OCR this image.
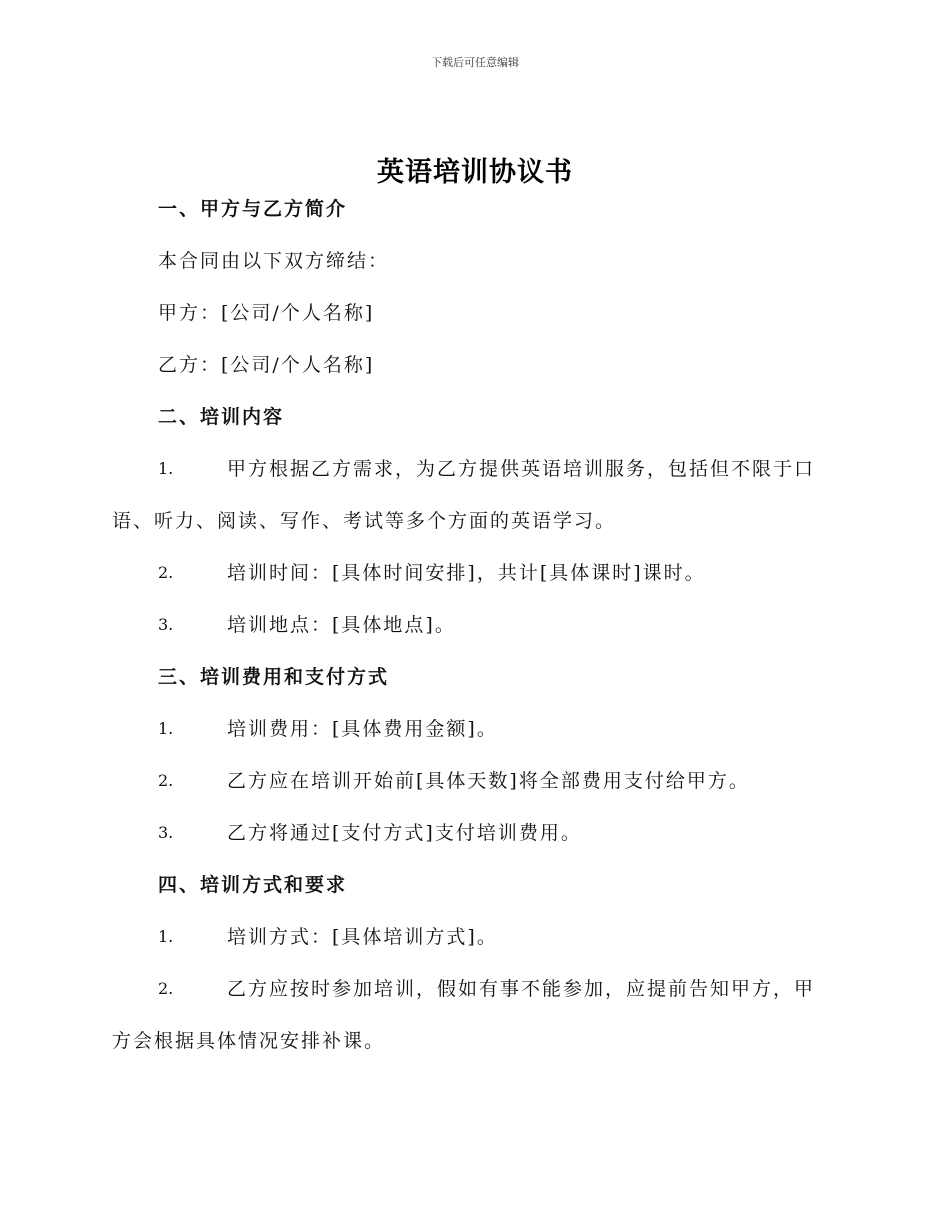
下载后可任意编辑
英语培训协议书
一、甲方与乙方简介
本合同由以下双方缔结：
甲方：[公司/个人名称]
乙方：[公司/个人名称]
二、培训内容
1.	甲方根据乙方需求，为乙方提供英语培训服务，包括但不限于口
语、听力、阅读、写作、考试等多个方面的英语学习。
2.	培训时间：[具体时间安排]，共计[具体课时]课时。
3.	培训地点：[具体地点]。
三、培训费用和支付方式
1.	培训费用：[具体费用金额]。
2.	乙方应在培训开始前[具体天数]将全部费用支付给甲方。
3.	乙方将通过[支付方式]支付培训费用。
四、培训方式和要求
1.	培训方式：[具体培训方式]。
2.	乙方应按时参加培训，假如有事不能参加，应提前告知甲方，甲
方会根据具体情况安排补课。
